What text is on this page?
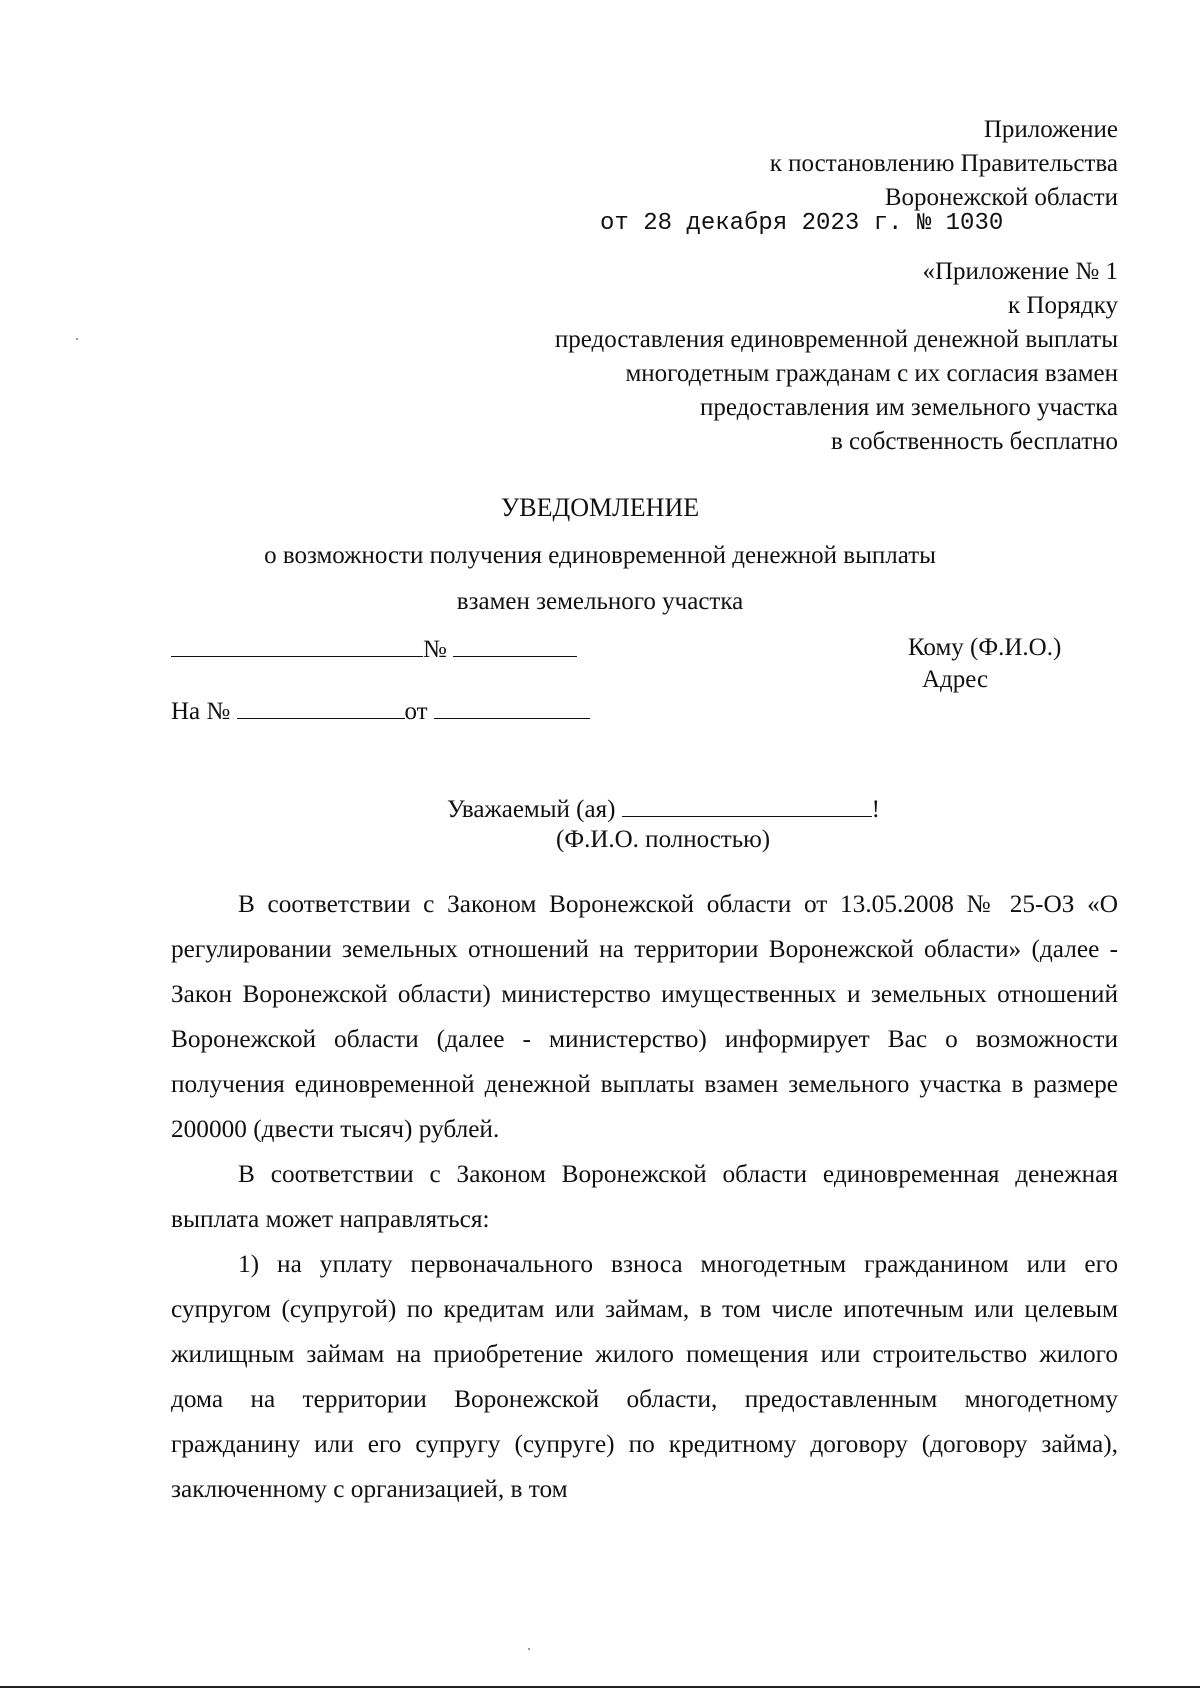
Приложение
к постановлению Правительства
Воронежской области
от 28 декабря 2023 г. № 1030
«Приложение № 1
к Порядку
предоставления единовременной денежной выплаты
многодетным гражданам с их согласия взамен
предоставления им земельного участка
в собственность бесплатно
УВЕДОМЛЕНИЕ
о возможности получения единовременной денежной выплаты
взамен земельного участка
№	Кому (Ф.И.О.)
Адрес
На №	от
Уважаемый (ая)	!
(Ф.И.О. полностью)

В соответствии с Законом Воронежской области от 13.05.2008 № 25-ОЗ «О регулировании земельных отношений на территории Воронежской области» (далее - Закон Воронежской области) министерство имущественных и земельных отношений Воронежской области (далее - министерство) информирует Вас о возможности получения единовременной денежной выплаты взамен земельного участка в размере 200000 (двести тысяч) рублей.

В соответствии с Законом Воронежской области единовременная денежная выплата может направляться:

1) на уплату первоначального взноса многодетным гражданином или его супругом (супругой) по кредитам или займам, в том числе ипотечным или целевым жилищным займам на приобретение жилого помещения или строительство жилого дома на территории Воронежской области, предоставленным многодетному гражданину или его супругу (супруге) по кредитному договору (договору займа), заключенному с организацией, в том
